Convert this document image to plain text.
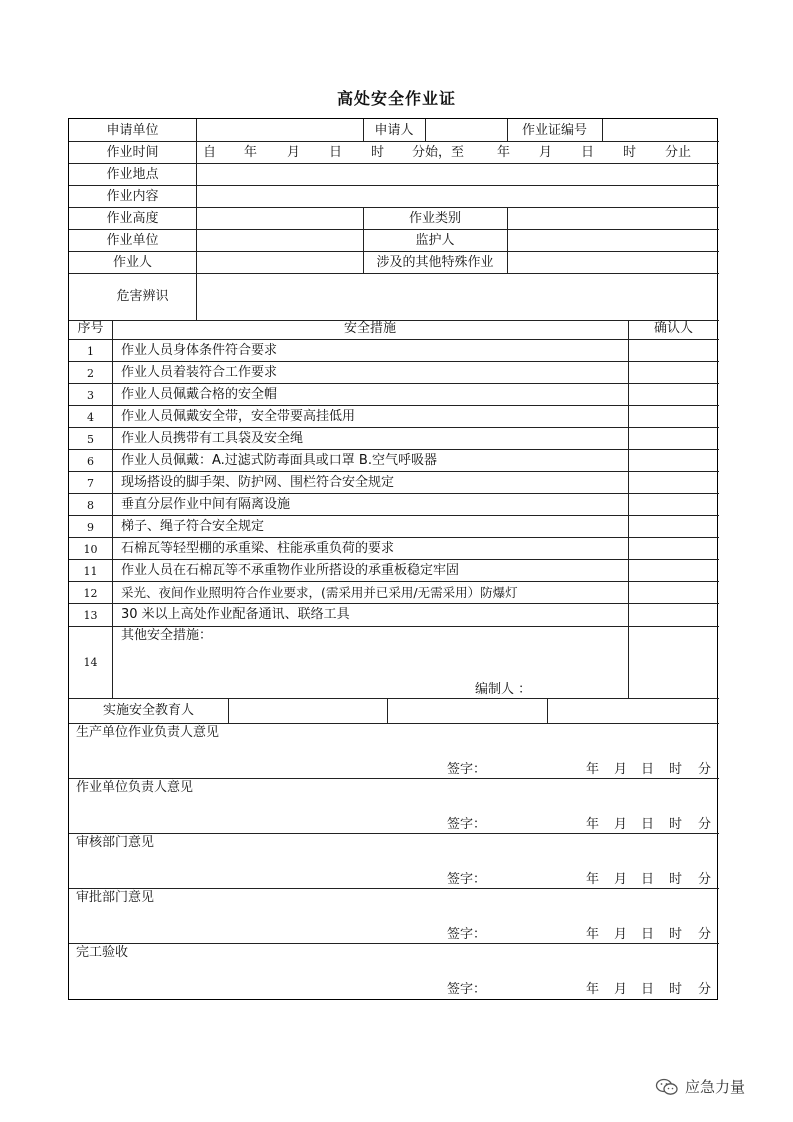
高处安全作业证
申请单位	申请人	作业证编号
作业时间	自 年 月 日 时 分始，至	年 月 日 时 分止
作业地点
作业内容
作业高度	作业类别
作业单位	监护人
作业人	涉及的其他特殊作业
危害辨识
序号	安全措施	确认人
1	作业人员身体条件符合要求
2	作业人员着装符合工作要求
3	作业人员佩戴合格的安全帽
4	作业人员佩戴安全带，安全带要高挂低用
5	作业人员携带有工具袋及安全绳
6	作业人员佩戴：A.过滤式防毒面具或口罩 B.空气呼吸器
7	现场搭设的脚手架、防护网、围栏符合安全规定
8	垂直分层作业中间有隔离设施
9	梯子、绳子符合安全规定
10	石棉瓦等轻型棚的承重梁、柱能承重负荷的要求
11	作业人员在石棉瓦等不承重物作业所搭设的承重板稳定牢固
12	采光、夜间作业照明符合作业要求，(需采用并已采用/无需采用）防爆灯
13	30 米以上高处作业配备通讯、联络工具
14
其他安全措施：
编制人 ：
实施安全教育人
生产单位作业负责人意见
签字：	年 月 日 时 分
作业单位负责人意见
签字：	年 月 日 时 分
审核部门意见
签字：	年 月 日 时 分
审批部门意见
签字：	年 月 日 时 分
完工验收
签字：	年 月 日 时 分
应急力量
